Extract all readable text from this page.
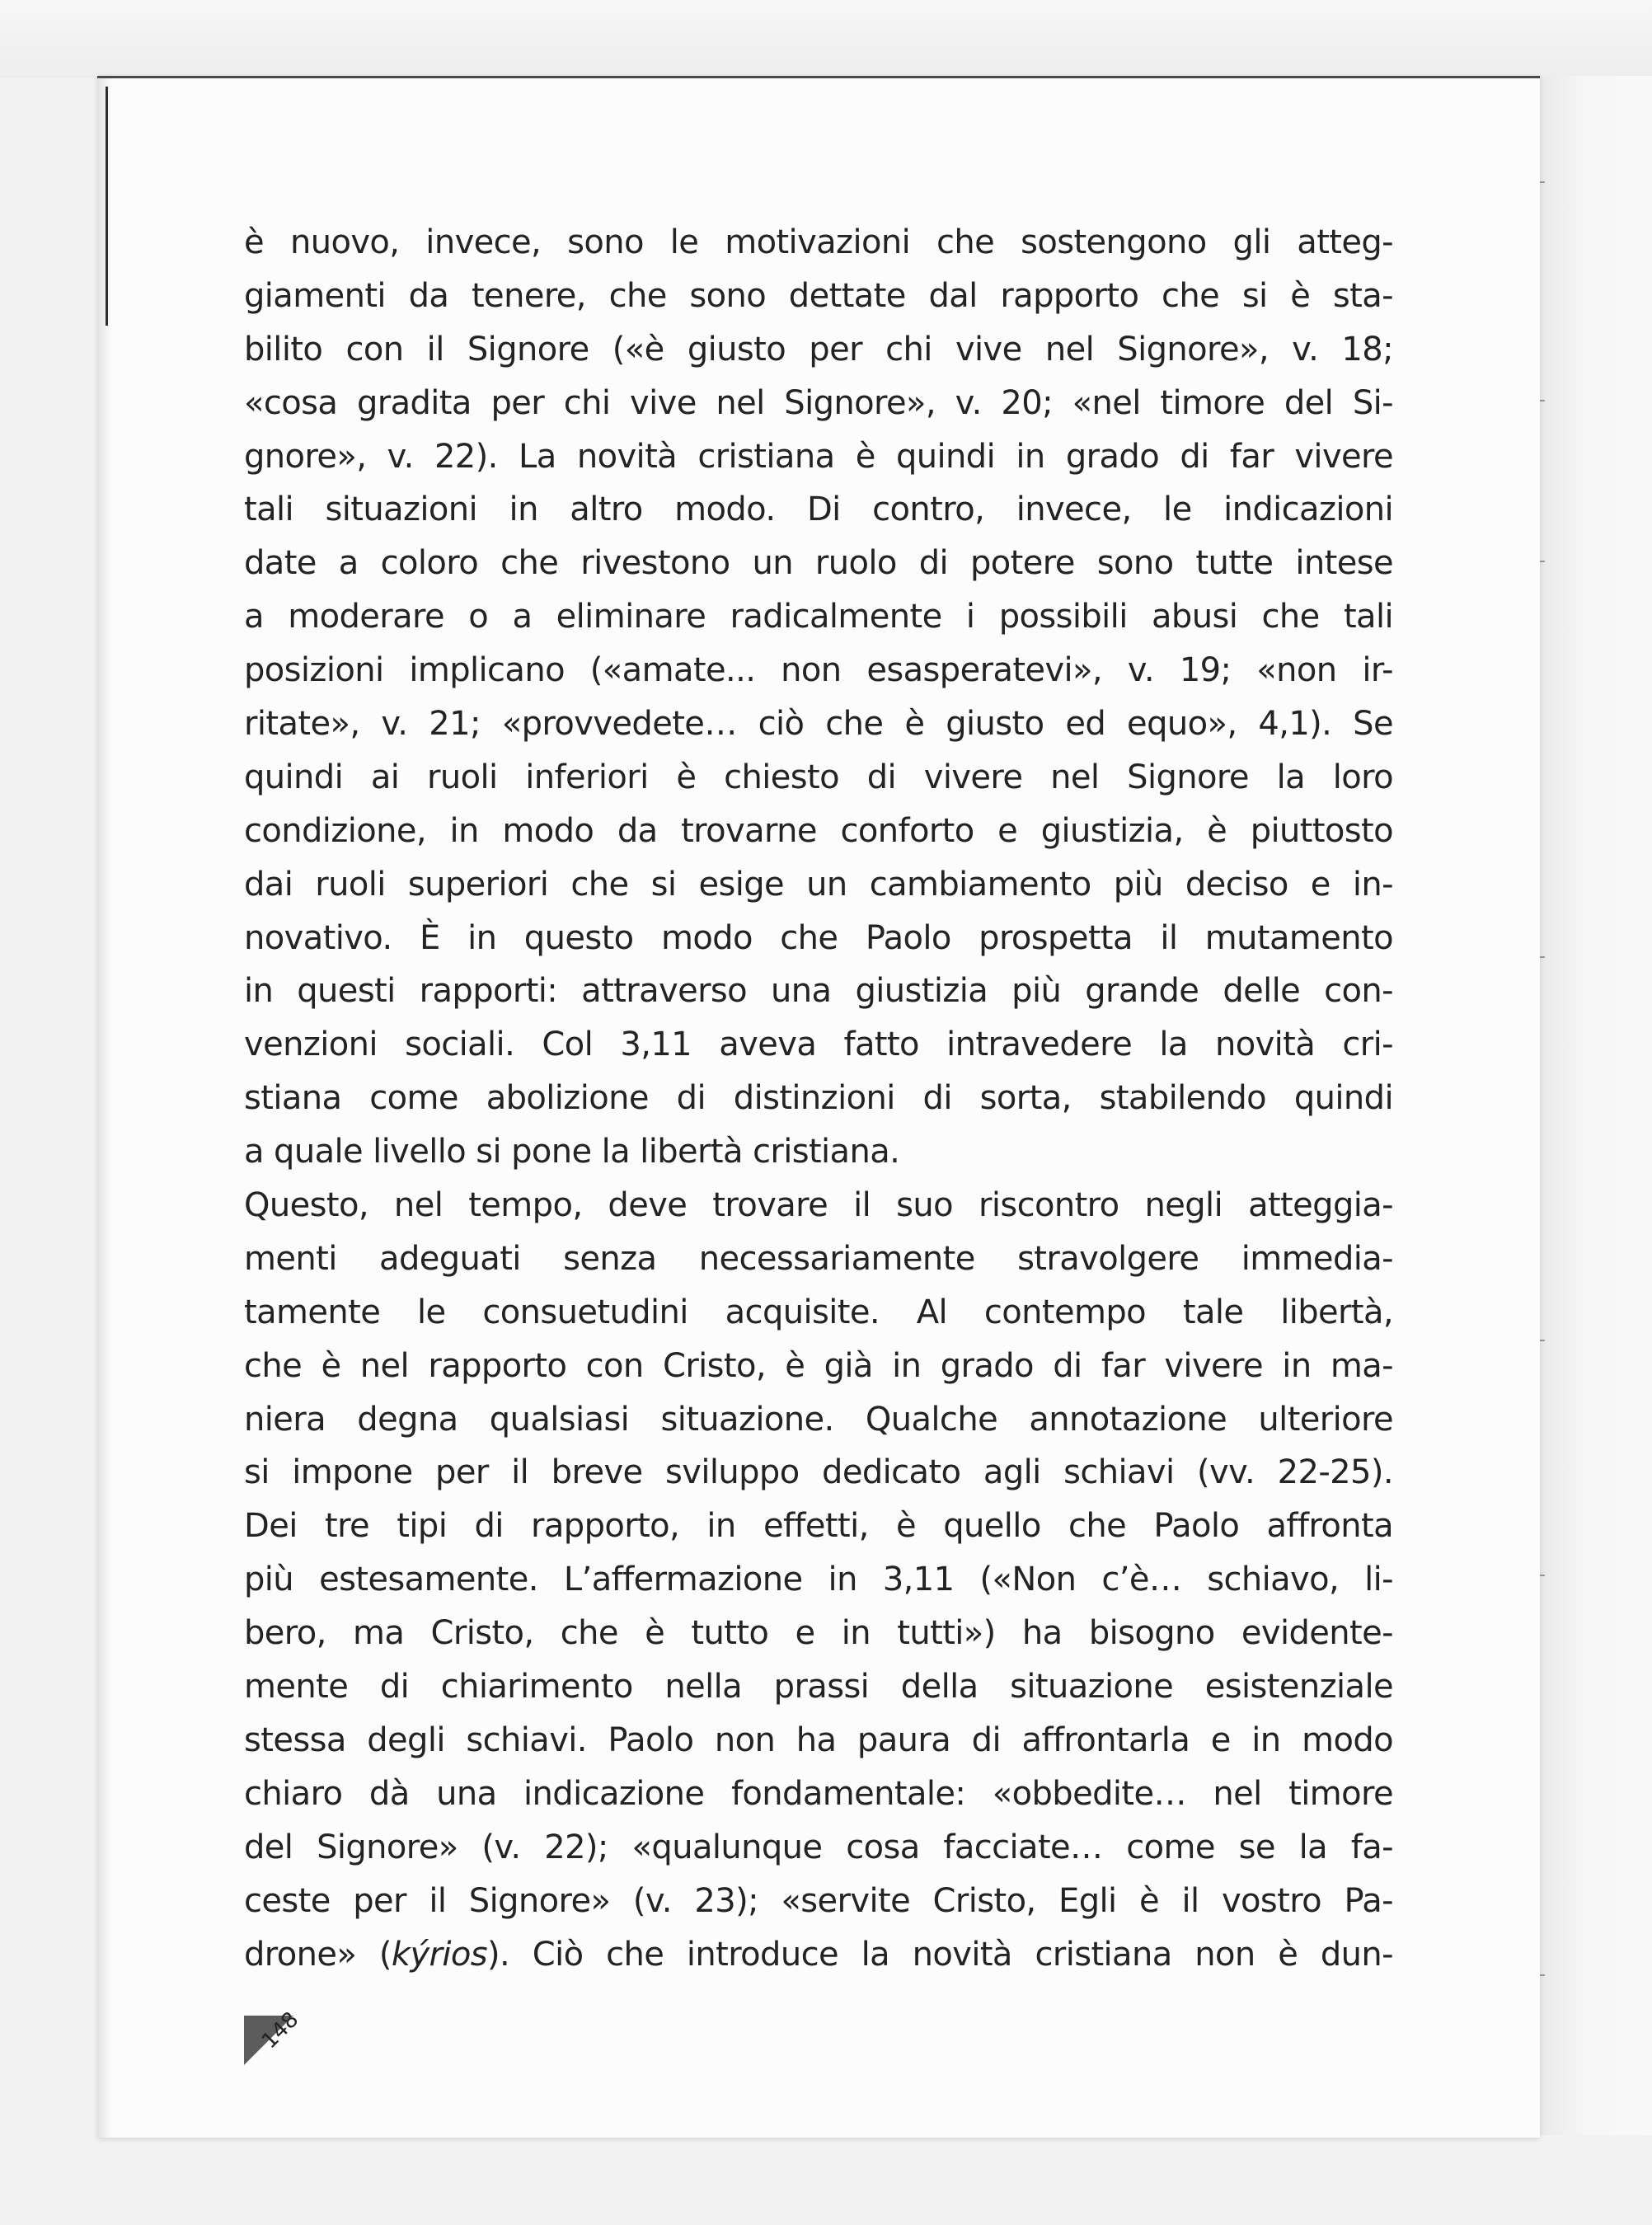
è nuovo, invece, sono le motivazioni che sostengono gli atteg-
giamenti da tenere, che sono dettate dal rapporto che si è sta-
bilito con il Signore («è giusto per chi vive nel Signore», v. 18;
«cosa gradita per chi vive nel Signore», v. 20; «nel timore del Si-
gnore», v. 22). La novità cristiana è quindi in grado di far vivere
tali situazioni in altro modo. Di contro, invece, le indicazioni
date a coloro che rivestono un ruolo di potere sono tutte intese
a moderare o a eliminare radicalmente i possibili abusi che tali
posizioni implicano («amate... non esasperatevi», v. 19; «non ir-
ritate», v. 21; «provvedete… ciò che è giusto ed equo», 4,1). Se
quindi ai ruoli inferiori è chiesto di vivere nel Signore la loro
condizione, in modo da trovarne conforto e giustizia, è piuttosto
dai ruoli superiori che si esige un cambiamento più deciso e in-
novativo. È in questo modo che Paolo prospetta il mutamento
in questi rapporti: attraverso una giustizia più grande delle con-
venzioni sociali. Col 3,11 aveva fatto intravedere la novità cri-
stiana come abolizione di distinzioni di sorta, stabilendo quindi
a quale livello si pone la libertà cristiana.
Questo, nel tempo, deve trovare il suo riscontro negli atteggia-
menti adeguati senza necessariamente stravolgere immedia-
tamente le consuetudini acquisite. Al contempo tale libertà,
che è nel rapporto con Cristo, è già in grado di far vivere in ma-
niera degna qualsiasi situazione. Qualche annotazione ulteriore
si impone per il breve sviluppo dedicato agli schiavi (vv. 22-25).
Dei tre tipi di rapporto, in effetti, è quello che Paolo affronta
più estesamente. L’affermazione in 3,11 («Non c’è… schiavo, li-
bero, ma Cristo, che è tutto e in tutti») ha bisogno evidente-
mente di chiarimento nella prassi della situazione esistenziale
stessa degli schiavi. Paolo non ha paura di affrontarla e in modo
chiaro dà una indicazione fondamentale: «obbedite… nel timore
del Signore» (v. 22); «qualunque cosa facciate… come se la fa-
ceste per il Signore» (v. 23); «servite Cristo, Egli è il vostro Pa-
drone» (kýrios). Ciò che introduce la novità cristiana non è dun-
148
